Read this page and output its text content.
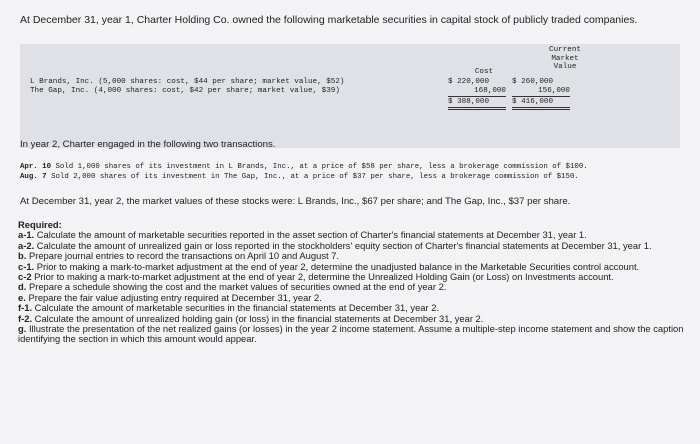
At December 31, year 1, Charter Holding Co. owned the following marketable securities in capital stock of publicly traded companies.
Current
Market
Value
Cost
L Brands, Inc. (5,000 shares: cost, $44 per share; market value, $52)
The Gap, Inc. (4,000 shares: cost, $42 per share; market value, $39)
$ 220,000
168,000
$ 388,000
$ 260,000
156,000
$ 416,000
In year 2, Charter engaged in the following two transactions.
Apr. 10 Sold 1,000 shares of its investment in L Brands, Inc., at a price of $58 per share, less a brokerage commission of $100.
Aug. 7 Sold 2,000 shares of its investment in The Gap, Inc., at a price of $37 per share, less a brokerage commission of $150.
At December 31, year 2, the market values of these stocks were: L Brands, Inc., $67 per share; and The Gap, Inc., $37 per share.
Required:
a-1. Calculate the amount of marketable securities reported in the asset section of Charter's financial statements at December 31, year 1.
a-2. Calculate the amount of unrealized gain or loss reported in the stockholders' equity section of Charter's financial statements at December 31, year 1.
b. Prepare journal entries to record the transactions on April 10 and August 7.
c-1. Prior to making a mark-to-market adjustment at the end of year 2, determine the unadjusted balance in the Marketable Securities control account.
c-2 Prior to making a mark-to-market adjustment at the end of year 2, determine the Unrealized Holding Gain (or Loss) on Investments account.
d. Prepare a schedule showing the cost and the market values of securities owned at the end of year 2.
e. Prepare the fair value adjusting entry required at December 31, year 2.
f-1. Calculate the amount of marketable securities in the financial statements at December 31, year 2.
f-2. Calculate the amount of unrealized holding gain (or loss) in the financial statements at December 31, year 2.
g. Illustrate the presentation of the net realized gains (or losses) in the year 2 income statement. Assume a multiple-step income statement and show the caption identifying the section in which this amount would appear.
